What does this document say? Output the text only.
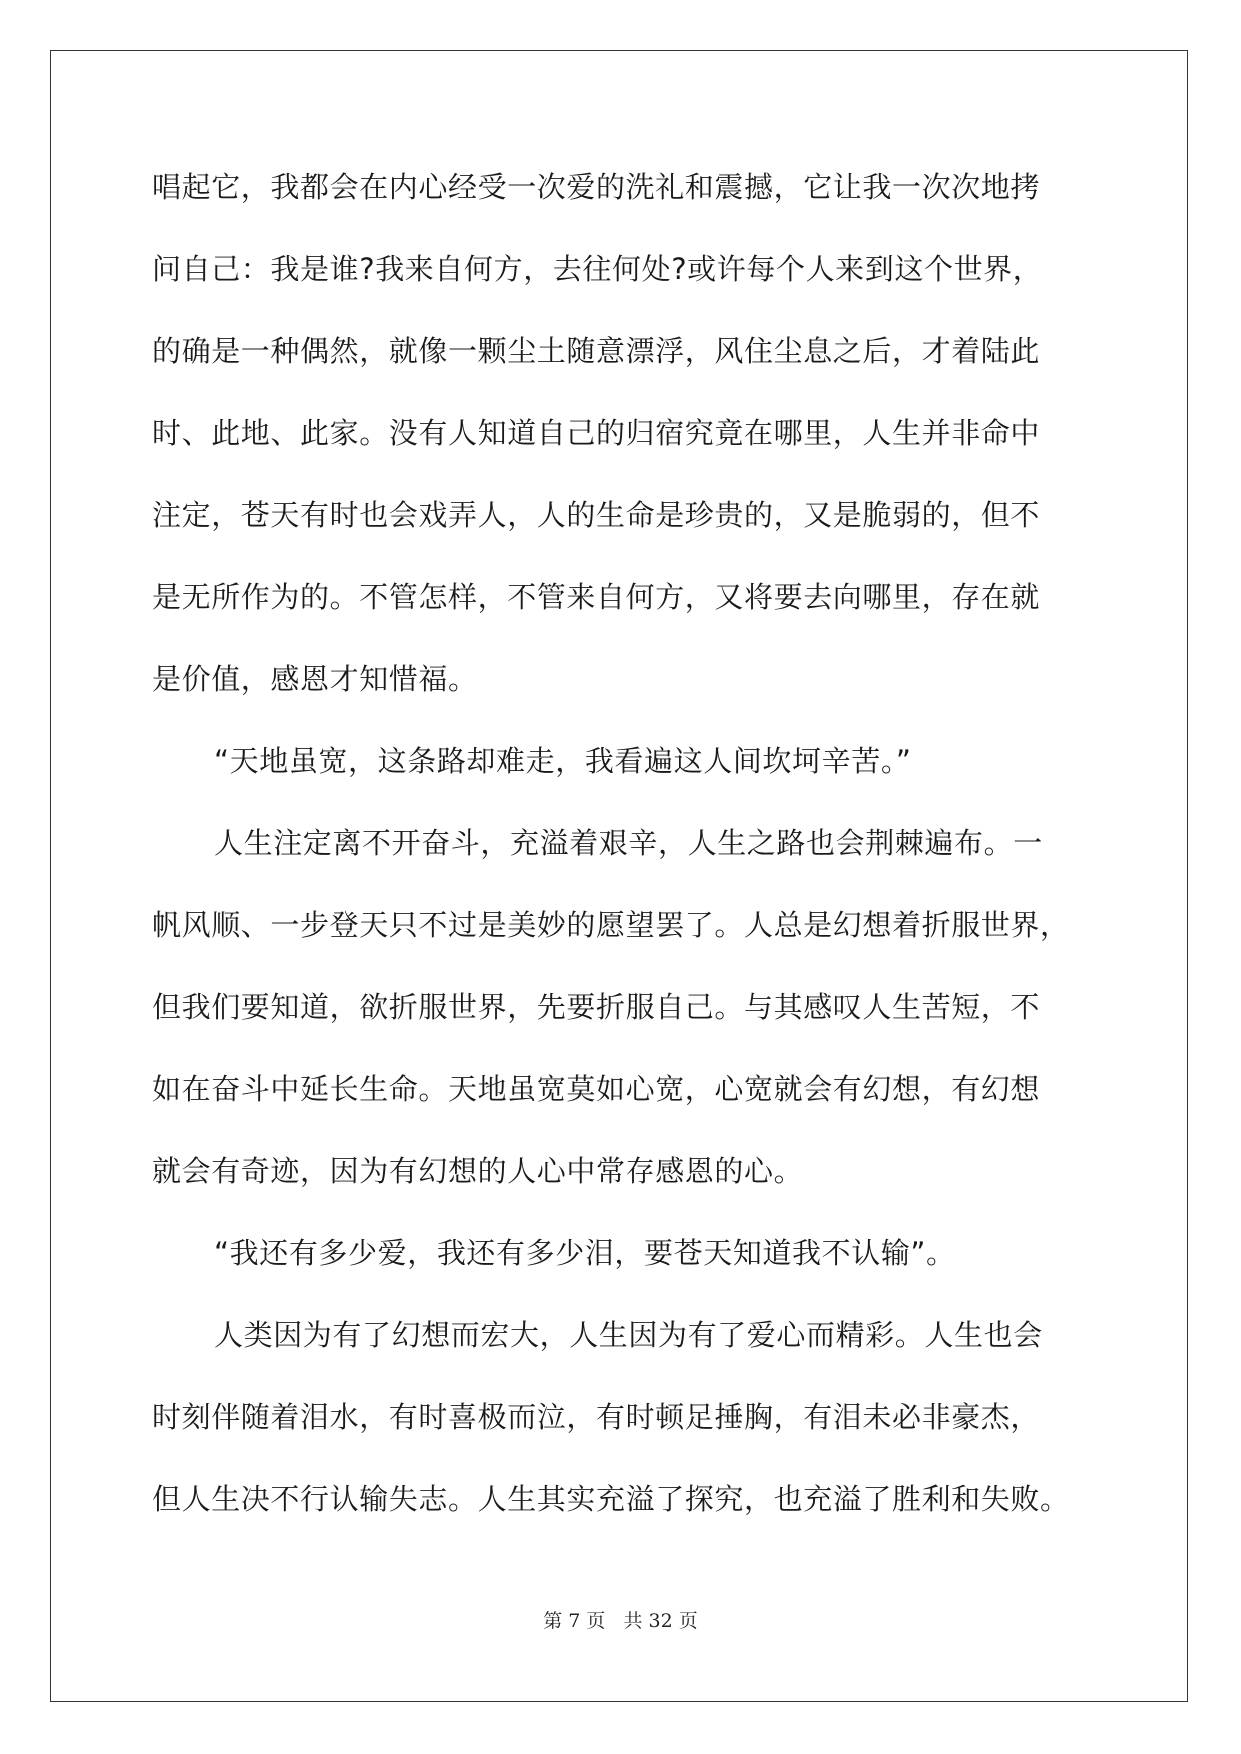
唱起它，我都会在内心经受一次爱的洗礼和震撼，它让我一次次地拷
问自己：我是谁?我来自何方，去往何处?或许每个人来到这个世界，
的确是一种偶然，就像一颗尘土随意漂浮，风住尘息之后，才着陆此
时、此地、此家。没有人知道自己的归宿究竟在哪里，人生并非命中
注定，苍天有时也会戏弄人，人的生命是珍贵的，又是脆弱的，但不
是无所作为的。不管怎样，不管来自何方，又将要去向哪里，存在就
是价值，感恩才知惜福。
“天地虽宽，这条路却难走，我看遍这人间坎坷辛苦。”
人生注定离不开奋斗，充溢着艰辛，人生之路也会荆棘遍布。一
帆风顺、一步登天只不过是美妙的愿望罢了。人总是幻想着折服世界，
但我们要知道，欲折服世界，先要折服自己。与其感叹人生苦短，不
如在奋斗中延长生命。天地虽宽莫如心宽，心宽就会有幻想，有幻想
就会有奇迹，因为有幻想的人心中常存感恩的心。
“我还有多少爱，我还有多少泪，要苍天知道我不认输”。
人类因为有了幻想而宏大，人生因为有了爱心而精彩。人生也会
时刻伴随着泪水，有时喜极而泣，有时顿足捶胸，有泪未必非豪杰，
但人生决不行认输失志。人生其实充溢了探究，也充溢了胜利和失败。
第 7 页   共 32 页
